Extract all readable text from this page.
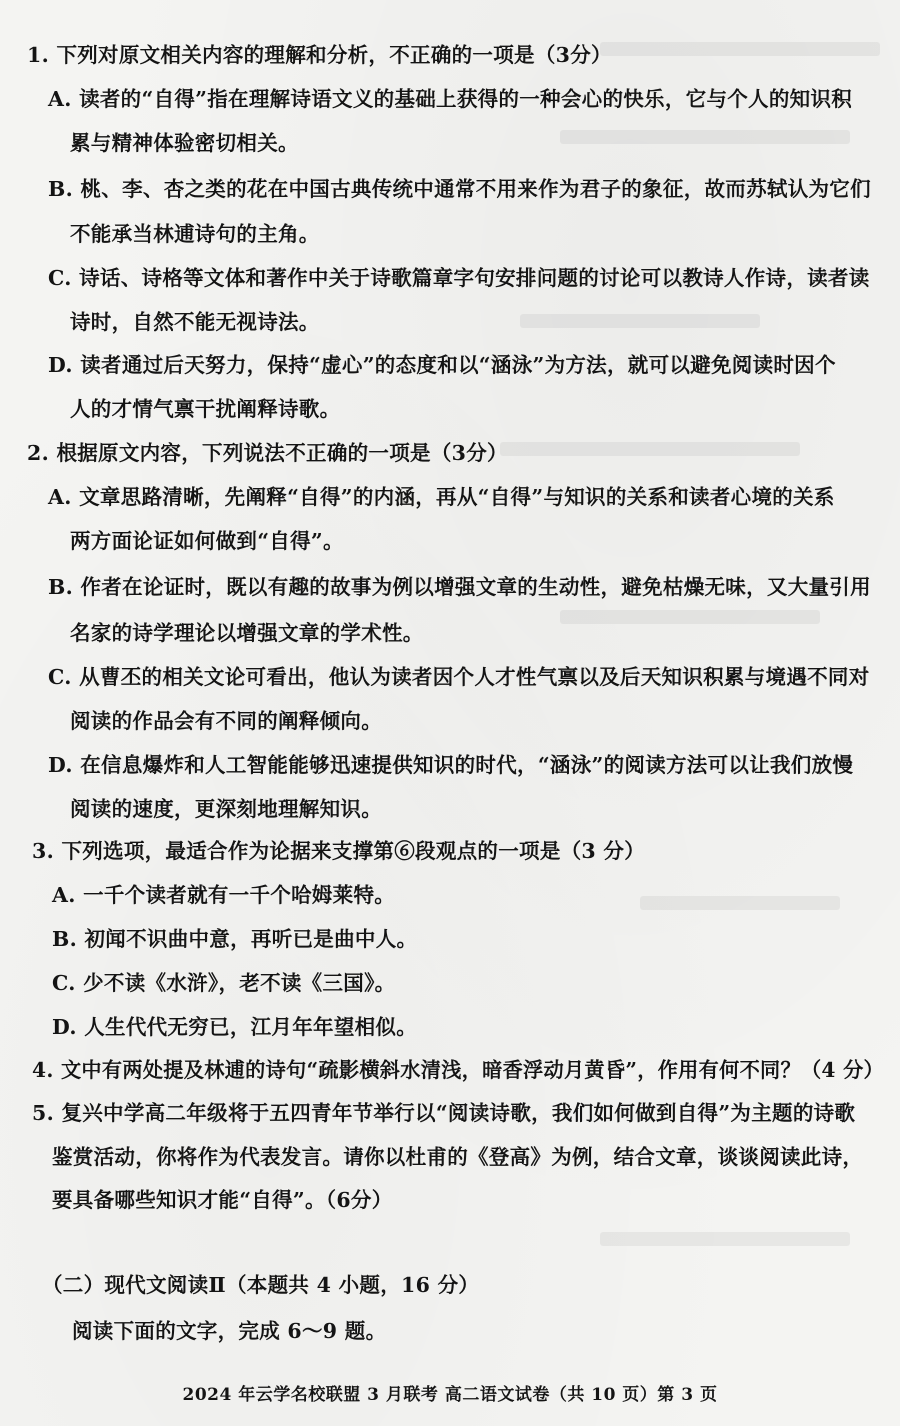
1. 下列对原文相关内容的理解和分析，不正确的一项是（3分）
A. 读者的“自得”指在理解诗语文义的基础上获得的一种会心的快乐，它与个人的知识积
累与精神体验密切相关。
B. 桃、李、杏之类的花在中国古典传统中通常不用来作为君子的象征，故而苏轼认为它们
不能承当林逋诗句的主角。
C. 诗话、诗格等文体和著作中关于诗歌篇章字句安排问题的讨论可以教诗人作诗，读者读
诗时，自然不能无视诗法。
D. 读者通过后天努力，保持“虚心”的态度和以“涵泳”为方法，就可以避免阅读时因个
人的才情气禀干扰阐释诗歌。
2. 根据原文内容，下列说法不正确的一项是（3分）
A. 文章思路清晰，先阐释“自得”的内涵，再从“自得”与知识的关系和读者心境的关系
两方面论证如何做到“自得”。
B. 作者在论证时，既以有趣的故事为例以增强文章的生动性，避免枯燥无味，又大量引用
名家的诗学理论以增强文章的学术性。
C. 从曹丕的相关文论可看出，他认为读者因个人才性气禀以及后天知识积累与境遇不同对
阅读的作品会有不同的阐释倾向。
D. 在信息爆炸和人工智能能够迅速提供知识的时代，“涵泳”的阅读方法可以让我们放慢
阅读的速度，更深刻地理解知识。
3. 下列选项，最适合作为论据来支撑第⑥段观点的一项是（3 分）
A. 一千个读者就有一千个哈姆莱特。
B. 初闻不识曲中意，再听已是曲中人。
C. 少不读《水浒》，老不读《三国》。
D. 人生代代无穷已，江月年年望相似。
4. 文中有两处提及林逋的诗句“疏影横斜水清浅，暗香浮动月黄昏”，作用有何不同？（4 分）
5. 复兴中学高二年级将于五四青年节举行以“阅读诗歌，我们如何做到自得”为主题的诗歌
鉴赏活动，你将作为代表发言。请你以杜甫的《登高》为例，结合文章，谈谈阅读此诗，
要具备哪些知识才能“自得”。（6分）
（二）现代文阅读Ⅱ（本题共 4 小题，16 分）
阅读下面的文字，完成 6～9 题。
2024 年云学名校联盟 3 月联考 高二语文试卷（共 10 页）第 3 页
